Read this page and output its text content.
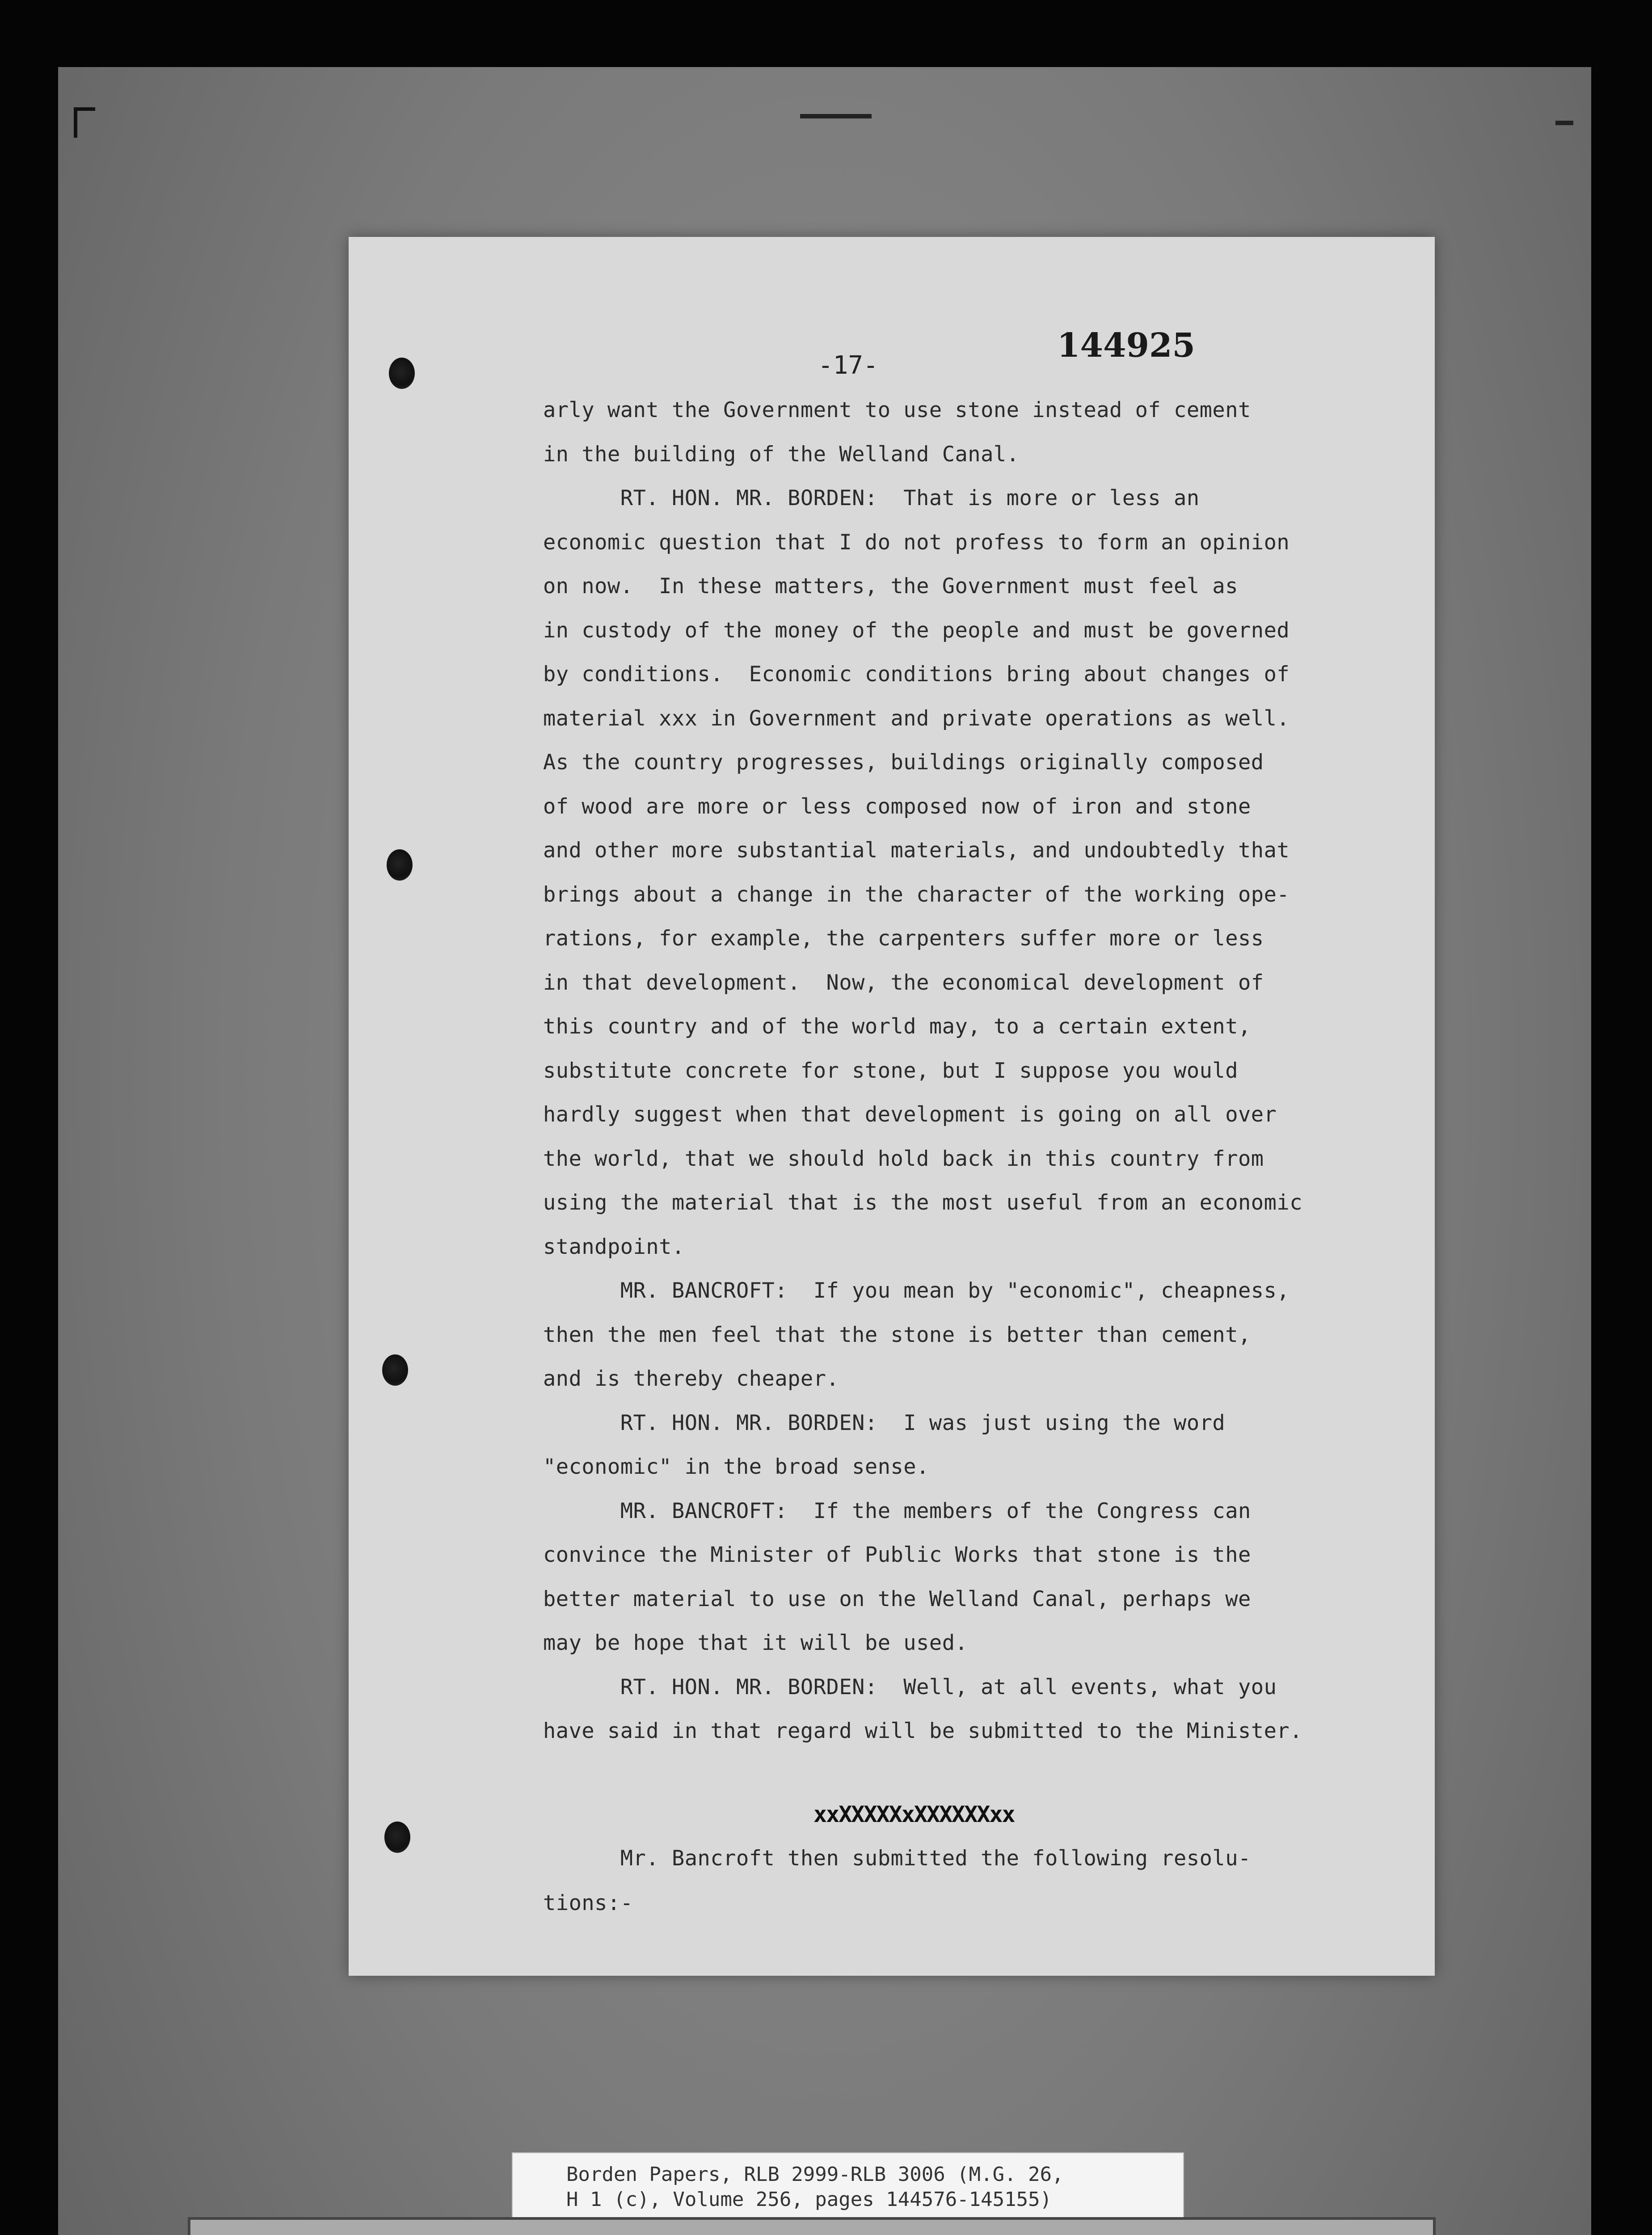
-17-
144925
arly want the Government to use stone instead of cement
in the building of the Welland Canal.
RT. HON. MR. BORDEN:  That is more or less an
economic question that I do not profess to form an opinion
on now.  In these matters, the Government must feel as
in custody of the money of the people and must be governed
by conditions.  Economic conditions bring about changes of
material xxx in Government and private operations as well.
As the country progresses, buildings originally composed
of wood are more or less composed now of iron and stone
and other more substantial materials, and undoubtedly that
brings about a change in the character of the working ope-
rations, for example, the carpenters suffer more or less
in that development.  Now, the economical development of
this country and of the world may, to a certain extent,
substitute concrete for stone, but I suppose you would
hardly suggest when that development is going on all over
the world, that we should hold back in this country from
using the material that is the most useful from an economic
standpoint.
MR. BANCROFT:  If you mean by "economic", cheapness,
then the men feel that the stone is better than cement,
and is thereby cheaper.
RT. HON. MR. BORDEN:  I was just using the word
"economic" in the broad sense.
MR. BANCROFT:  If the members of the Congress can
convince the Minister of Public Works that stone is the
better material to use on the Welland Canal, perhaps we
may be hope that it will be used.
RT. HON. MR. BORDEN:  Well, at all events, what you
have said in that regard will be submitted to the Minister.
xxXXXXXxXXXXXXxx
Mr. Bancroft then submitted the following resolu-
tions:-
Borden Papers, RLB 2999-RLB 3006 (M.G. 26,
H 1 (c), Volume 256, pages 144576-145155)
